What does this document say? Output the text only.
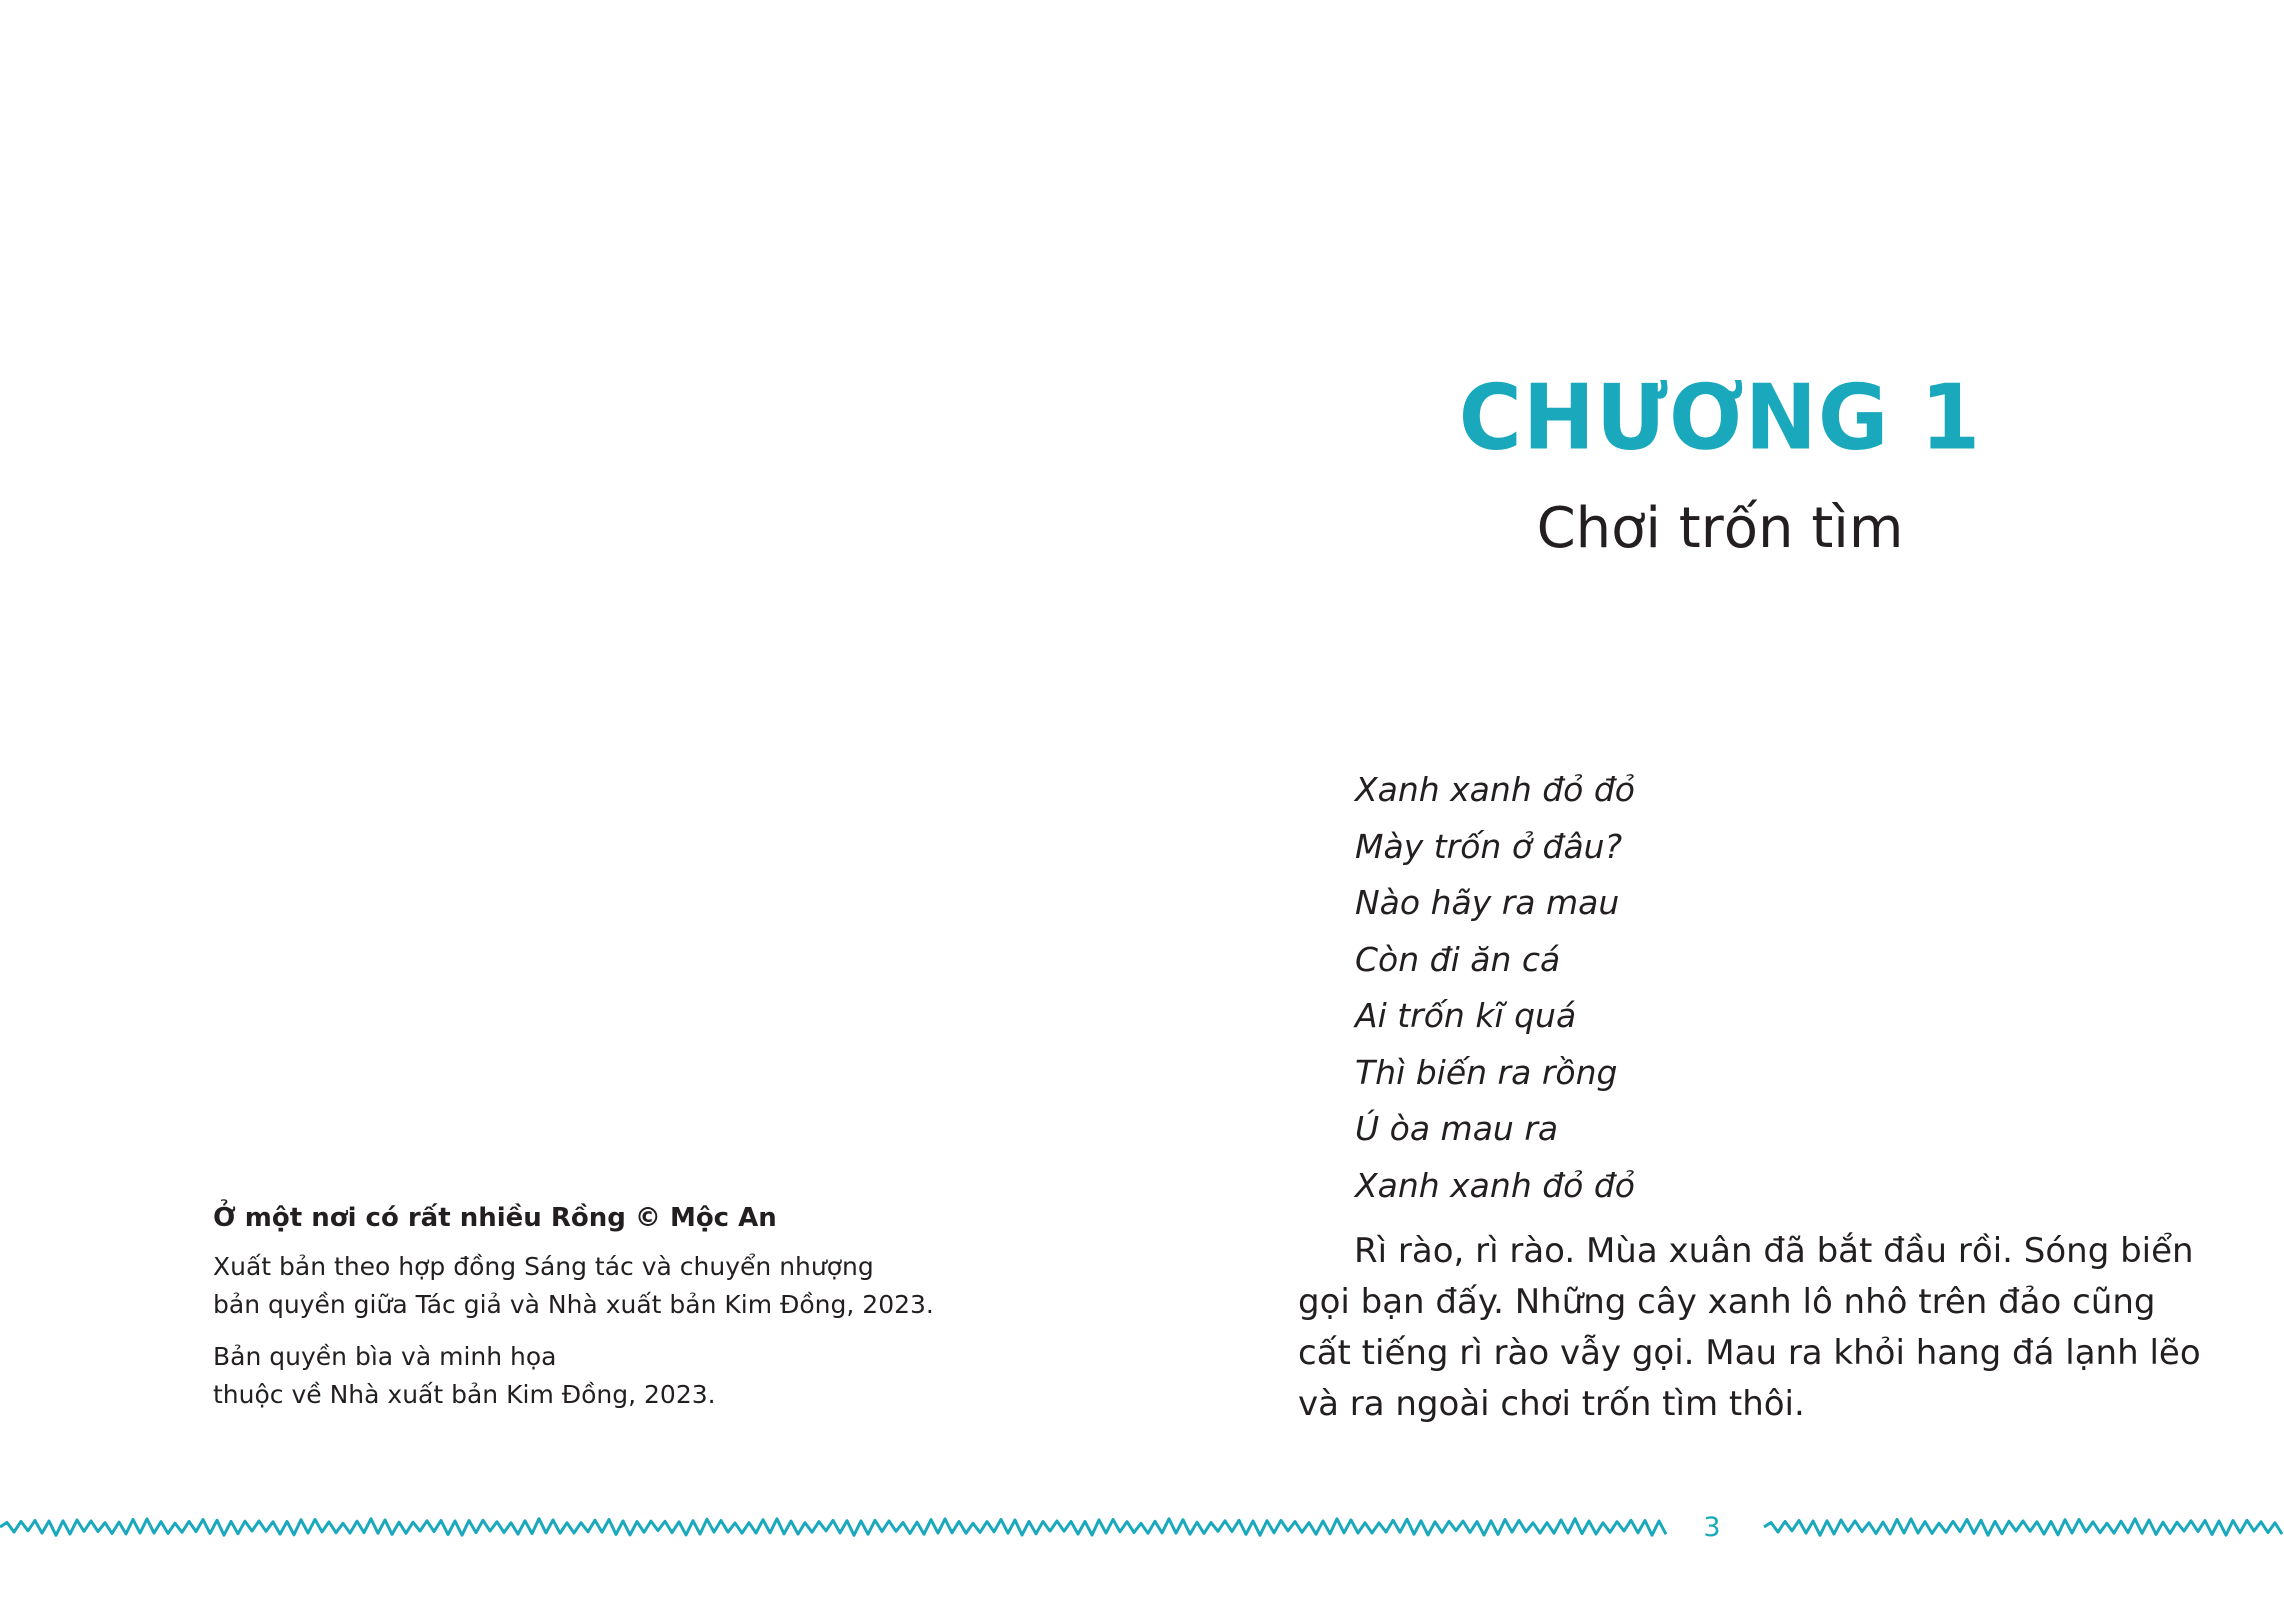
Ở một nơi có rất nhiều Rồng © Mộc An

Xuất bản theo hợp đồng Sáng tác và chuyển nhượng
bản quyền giữa Tác giả và Nhà xuất bản Kim Đồng, 2023.

Bản quyền bìa và minh họa
thuộc về Nhà xuất bản Kim Đồng, 2023.

CHƯƠNG 1
Chơi trốn tìm
Xanh xanh đỏ đỏ
Mày trốn ở đâu?
Nào hãy ra mau
Còn đi ăn cá
Ai trốn kĩ quá
Thì biến ra rồng
Ú òa mau ra
Xanh xanh đỏ đỏ
Rì rào, rì rào. Mùa xuân đã bắt đầu rồi. Sóng biển
gọi bạn đấy. Những cây xanh lô nhô trên đảo cũng
cất tiếng rì rào vẫy gọi. Mau ra khỏi hang đá lạnh lẽo
và ra ngoài chơi trốn tìm thôi.
3
